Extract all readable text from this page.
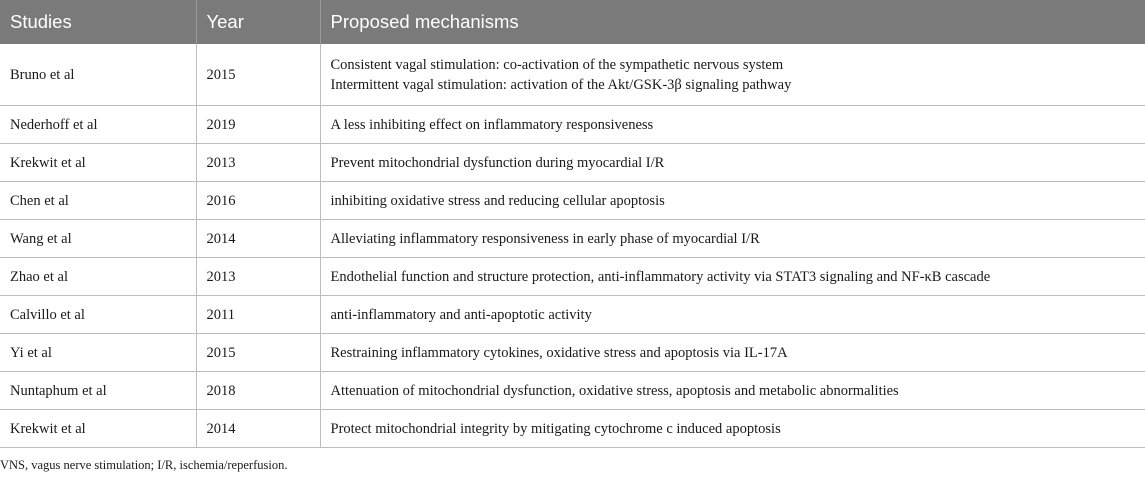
Studies	Year	Proposed mechanisms
Bruno et al	2015	Consistent vagal stimulation: co-activation of the sympathetic nervous system
Intermittent vagal stimulation: activation of the Akt/GSK-3β signaling pathway

Nederhoff et al	2019	A less inhibiting effect on inflammatory responsiveness
Krekwit et al	2013	Prevent mitochondrial dysfunction during myocardial I/R
Chen et al	2016	inhibiting oxidative stress and reducing cellular apoptosis
Wang et al	2014	Alleviating inflammatory responsiveness in early phase of myocardial I/R
Zhao et al	2013	Endothelial function and structure protection, anti-inflammatory activity via STAT3 signaling and NF-κB cascade
Calvillo et al	2011	anti-inflammatory and anti-apoptotic activity
Yi et al	2015	Restraining inflammatory cytokines, oxidative stress and apoptosis via IL-17A
Nuntaphum et al	2018	Attenuation of mitochondrial dysfunction, oxidative stress, apoptosis and metabolic abnormalities
Krekwit et al	2014	Protect mitochondrial integrity by mitigating cytochrome c induced apoptosis
VNS, vagus nerve stimulation; I/R, ischemia/reperfusion.
